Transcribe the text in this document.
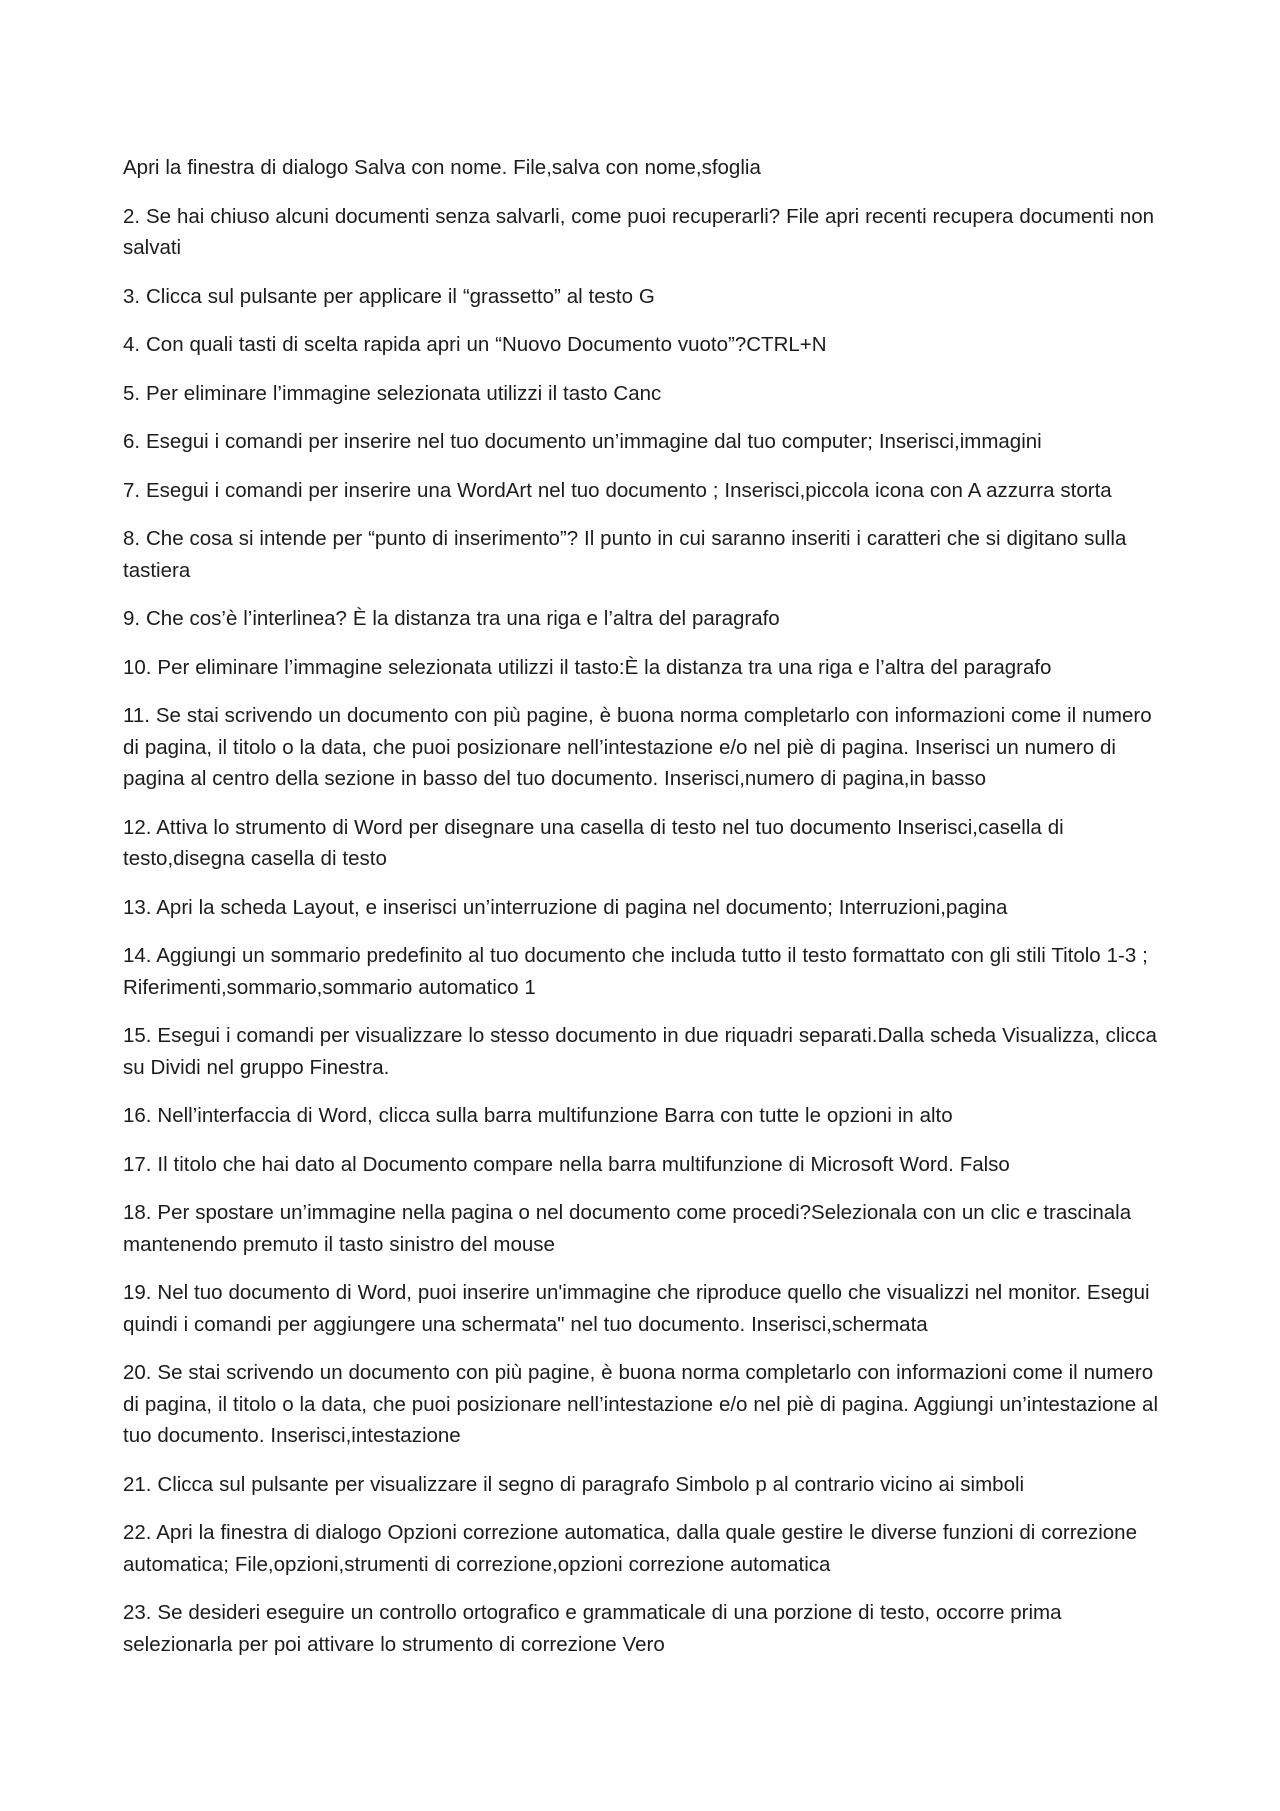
Apri la finestra di dialogo Salva con nome. File,salva con nome,sfoglia

2. Se hai chiuso alcuni documenti senza salvarli, come puoi recuperarli? File apri recenti recupera documenti non salvati

3. Clicca sul pulsante per applicare il “grassetto” al testo G

4. Con quali tasti di scelta rapida apri un “Nuovo Documento vuoto”?CTRL+N

5. Per eliminare l’immagine selezionata utilizzi il tasto Canc

6. Esegui i comandi per inserire nel tuo documento un’immagine dal tuo computer; Inserisci,immagini

7. Esegui i comandi per inserire una WordArt nel tuo documento ; Inserisci,piccola icona con A azzurra storta

8. Che cosa si intende per “punto di inserimento”? Il punto in cui saranno inseriti i caratteri che si digitano sulla tastiera

9. Che cos’è l’interlinea? È la distanza tra una riga e l’altra del paragrafo

10. Per eliminare l’immagine selezionata utilizzi il tasto:È la distanza tra una riga e l’altra del paragrafo

11. Se stai scrivendo un documento con più pagine, è buona norma completarlo con informazioni come il numero di pagina, il titolo o la data, che puoi posizionare nell’intestazione e/o nel piè di pagina. Inserisci un numero di pagina al centro della sezione in basso del tuo documento. Inserisci,numero di pagina,in basso

12. Attiva lo strumento di Word per disegnare una casella di testo nel tuo documento Inserisci,casella di testo,disegna casella di testo

13. Apri la scheda Layout, e inserisci un’interruzione di pagina nel documento; Interruzioni,pagina

14. Aggiungi un sommario predefinito al tuo documento che includa tutto il testo formattato con gli stili Titolo 1-3 ; Riferimenti,sommario,sommario automatico 1

15. Esegui i comandi per visualizzare lo stesso documento in due riquadri separati.Dalla scheda Visualizza, clicca su Dividi nel gruppo Finestra.

16. Nell’interfaccia di Word, clicca sulla barra multifunzione Barra con tutte le opzioni in alto

17. Il titolo che hai dato al Documento compare nella barra multifunzione di Microsoft Word. Falso

18. Per spostare un’immagine nella pagina o nel documento come procedi?Selezionala con un clic e trascinala mantenendo premuto il tasto sinistro del mouse

19. Nel tuo documento di Word, puoi inserire un'immagine che riproduce quello che visualizzi nel monitor. Esegui quindi i comandi per aggiungere una schermata" nel tuo documento. Inserisci,schermata

20. Se stai scrivendo un documento con più pagine, è buona norma completarlo con informazioni come il numero di pagina, il titolo o la data, che puoi posizionare nell’intestazione e/o nel piè di pagina. Aggiungi un’intestazione al tuo documento. Inserisci,intestazione

21. Clicca sul pulsante per visualizzare il segno di paragrafo Simbolo p al contrario vicino ai simboli

22. Apri la finestra di dialogo Opzioni correzione automatica, dalla quale gestire le diverse funzioni di correzione automatica; File,opzioni,strumenti di correzione,opzioni correzione automatica

23. Se desideri eseguire un controllo ortografico e grammaticale di una porzione di testo, occorre prima selezionarla per poi attivare lo strumento di correzione Vero
